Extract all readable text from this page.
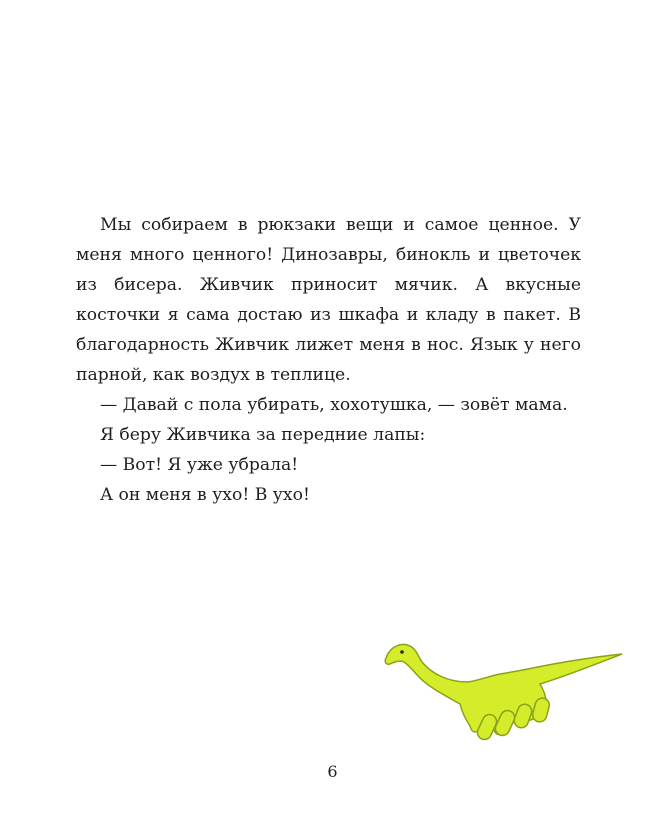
Мы собираем в рюкзаки вещи и самое ценное. У меня много ценного! Динозавры, бинокль и цветочек из бисера. Живчик приносит мячик. А вкусные косточки я сама достаю из шкафа и кладу в пакет. В благодарность Живчик лижет меня в нос. Язык у него парной, как воздух в теплице.

— Давай с пола убирать, хохотушка, — зовёт мама.

Я беру Живчика за передние лапы:

— Вот! Я уже убрала!

А он меня в ухо! В ухо!

6
